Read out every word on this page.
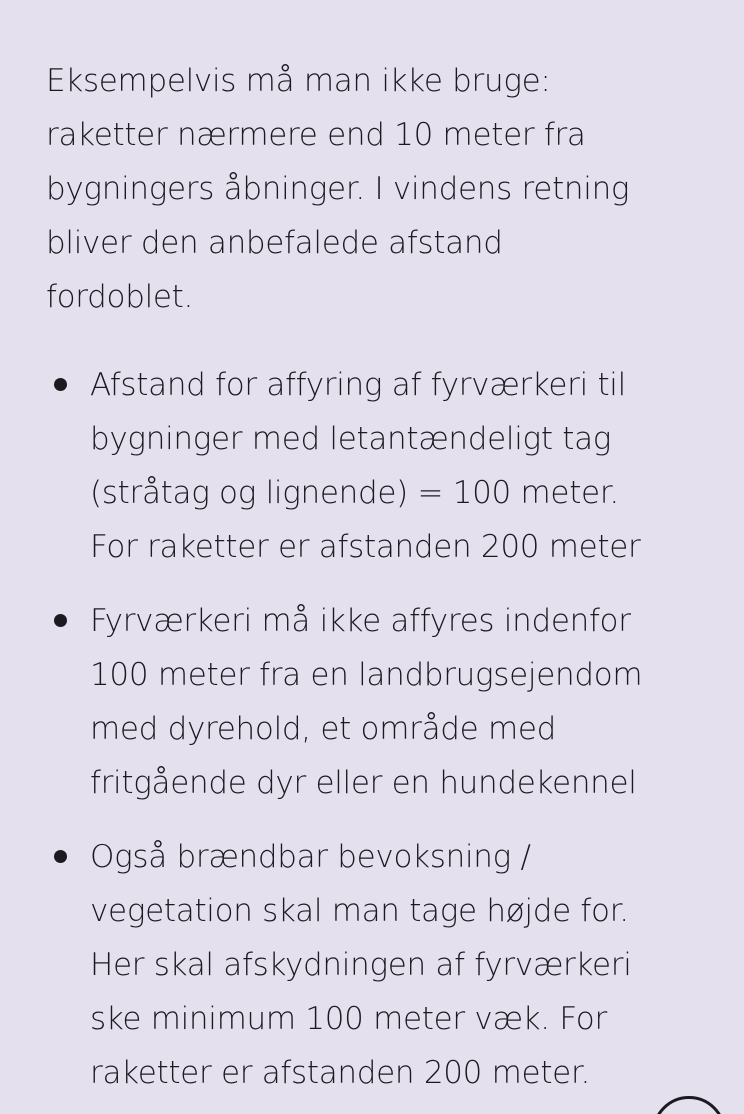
Eksempelvis må man ikke bruge:
raketter nærmere end 10 meter fra
bygningers åbninger. I vindens retning
bliver den anbefalede afstand
fordoblet.

Afstand for affyring af fyrværkeri til
bygninger med letantændeligt tag
(stråtag og lignende) = 100 meter.
For raketter er afstanden 200 meter
Fyrværkeri må ikke affyres indenfor
100 meter fra en landbrugsejendom
med dyrehold, et område med
fritgående dyr eller en hundekennel
Også brændbar bevoksning /
vegetation skal man tage højde for.
Her skal afskydningen af fyrværkeri
ske minimum 100 meter væk. For
raketter er afstanden 200 meter.
